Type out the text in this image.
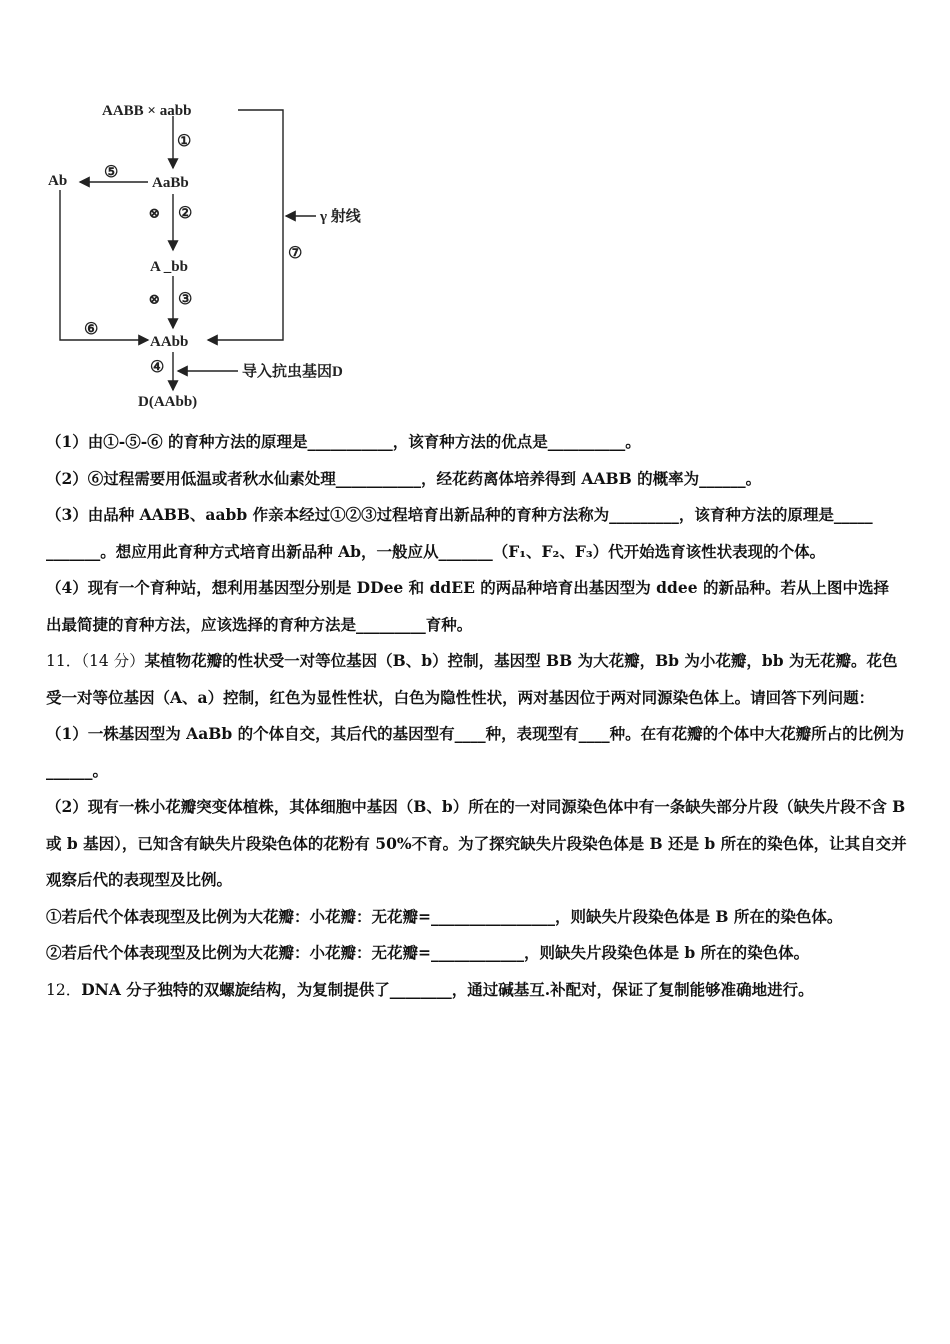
AABB × aabb
AaBb
Ab
A _bb
AAbb
D(AAbb)
γ 射线
导入抗虫基因D
①
②
③
④
⑤
⑥
⑦
⊗
⊗
（1）由①-⑤-⑥ 的育种方法的原理是___________，该育种方法的优点是__________。
（2）⑥过程需要用低温或者秋水仙素处理___________，经花药离体培养得到 AABB 的概率为______。
（3）由品种 AABB、aabb 作亲本经过①②③过程培育出新品种的育种方法称为_________，该育种方法的原理是_____
_______。想应用此育种方式培育出新品种 Ab，一般应从_______（F₁、F₂、F₃）代开始选育该性状表现的个体。
（4）现有一个育种站，想利用基因型分别是 DDee 和 ddEE 的两品种培育出基因型为 ddee 的新品种。若从上图中选择
出最简捷的育种方法，应该选择的育种方法是_________育种。
11．（14 分）某植物花瓣的性状受一对等位基因（B、b）控制，基因型 BB 为大花瓣，Bb 为小花瓣，bb 为无花瓣。花色受一对等位基因（A、a）控制，红色为显性性状，白色为隐性性状，两对基因位于两对同源染色体上。请回答下列问题：
（1）一株基因型为 AaBb 的个体自交，其后代的基因型有____种，表现型有____种。在有花瓣的个体中大花瓣所占的比例为______。
（2）现有一株小花瓣突变体植株，其体细胞中基因（B、b）所在的一对同源染色体中有一条缺失部分片段（缺失片段不含 B 或 b 基因），已知含有缺失片段染色体的花粉有 50%不育。为了探究缺失片段染色体是 B 还是 b 所在的染色体，让其自交并观察后代的表现型及比例。
①若后代个体表现型及比例为大花瓣：小花瓣：无花瓣=________________，则缺失片段染色体是 B 所在的染色体。
②若后代个体表现型及比例为大花瓣：小花瓣：无花瓣=____________，则缺失片段染色体是 b 所在的染色体。
12．DNA 分子独特的双螺旋结构，为复制提供了________，通过碱基互.补配对，保证了复制能够准确地进行。
